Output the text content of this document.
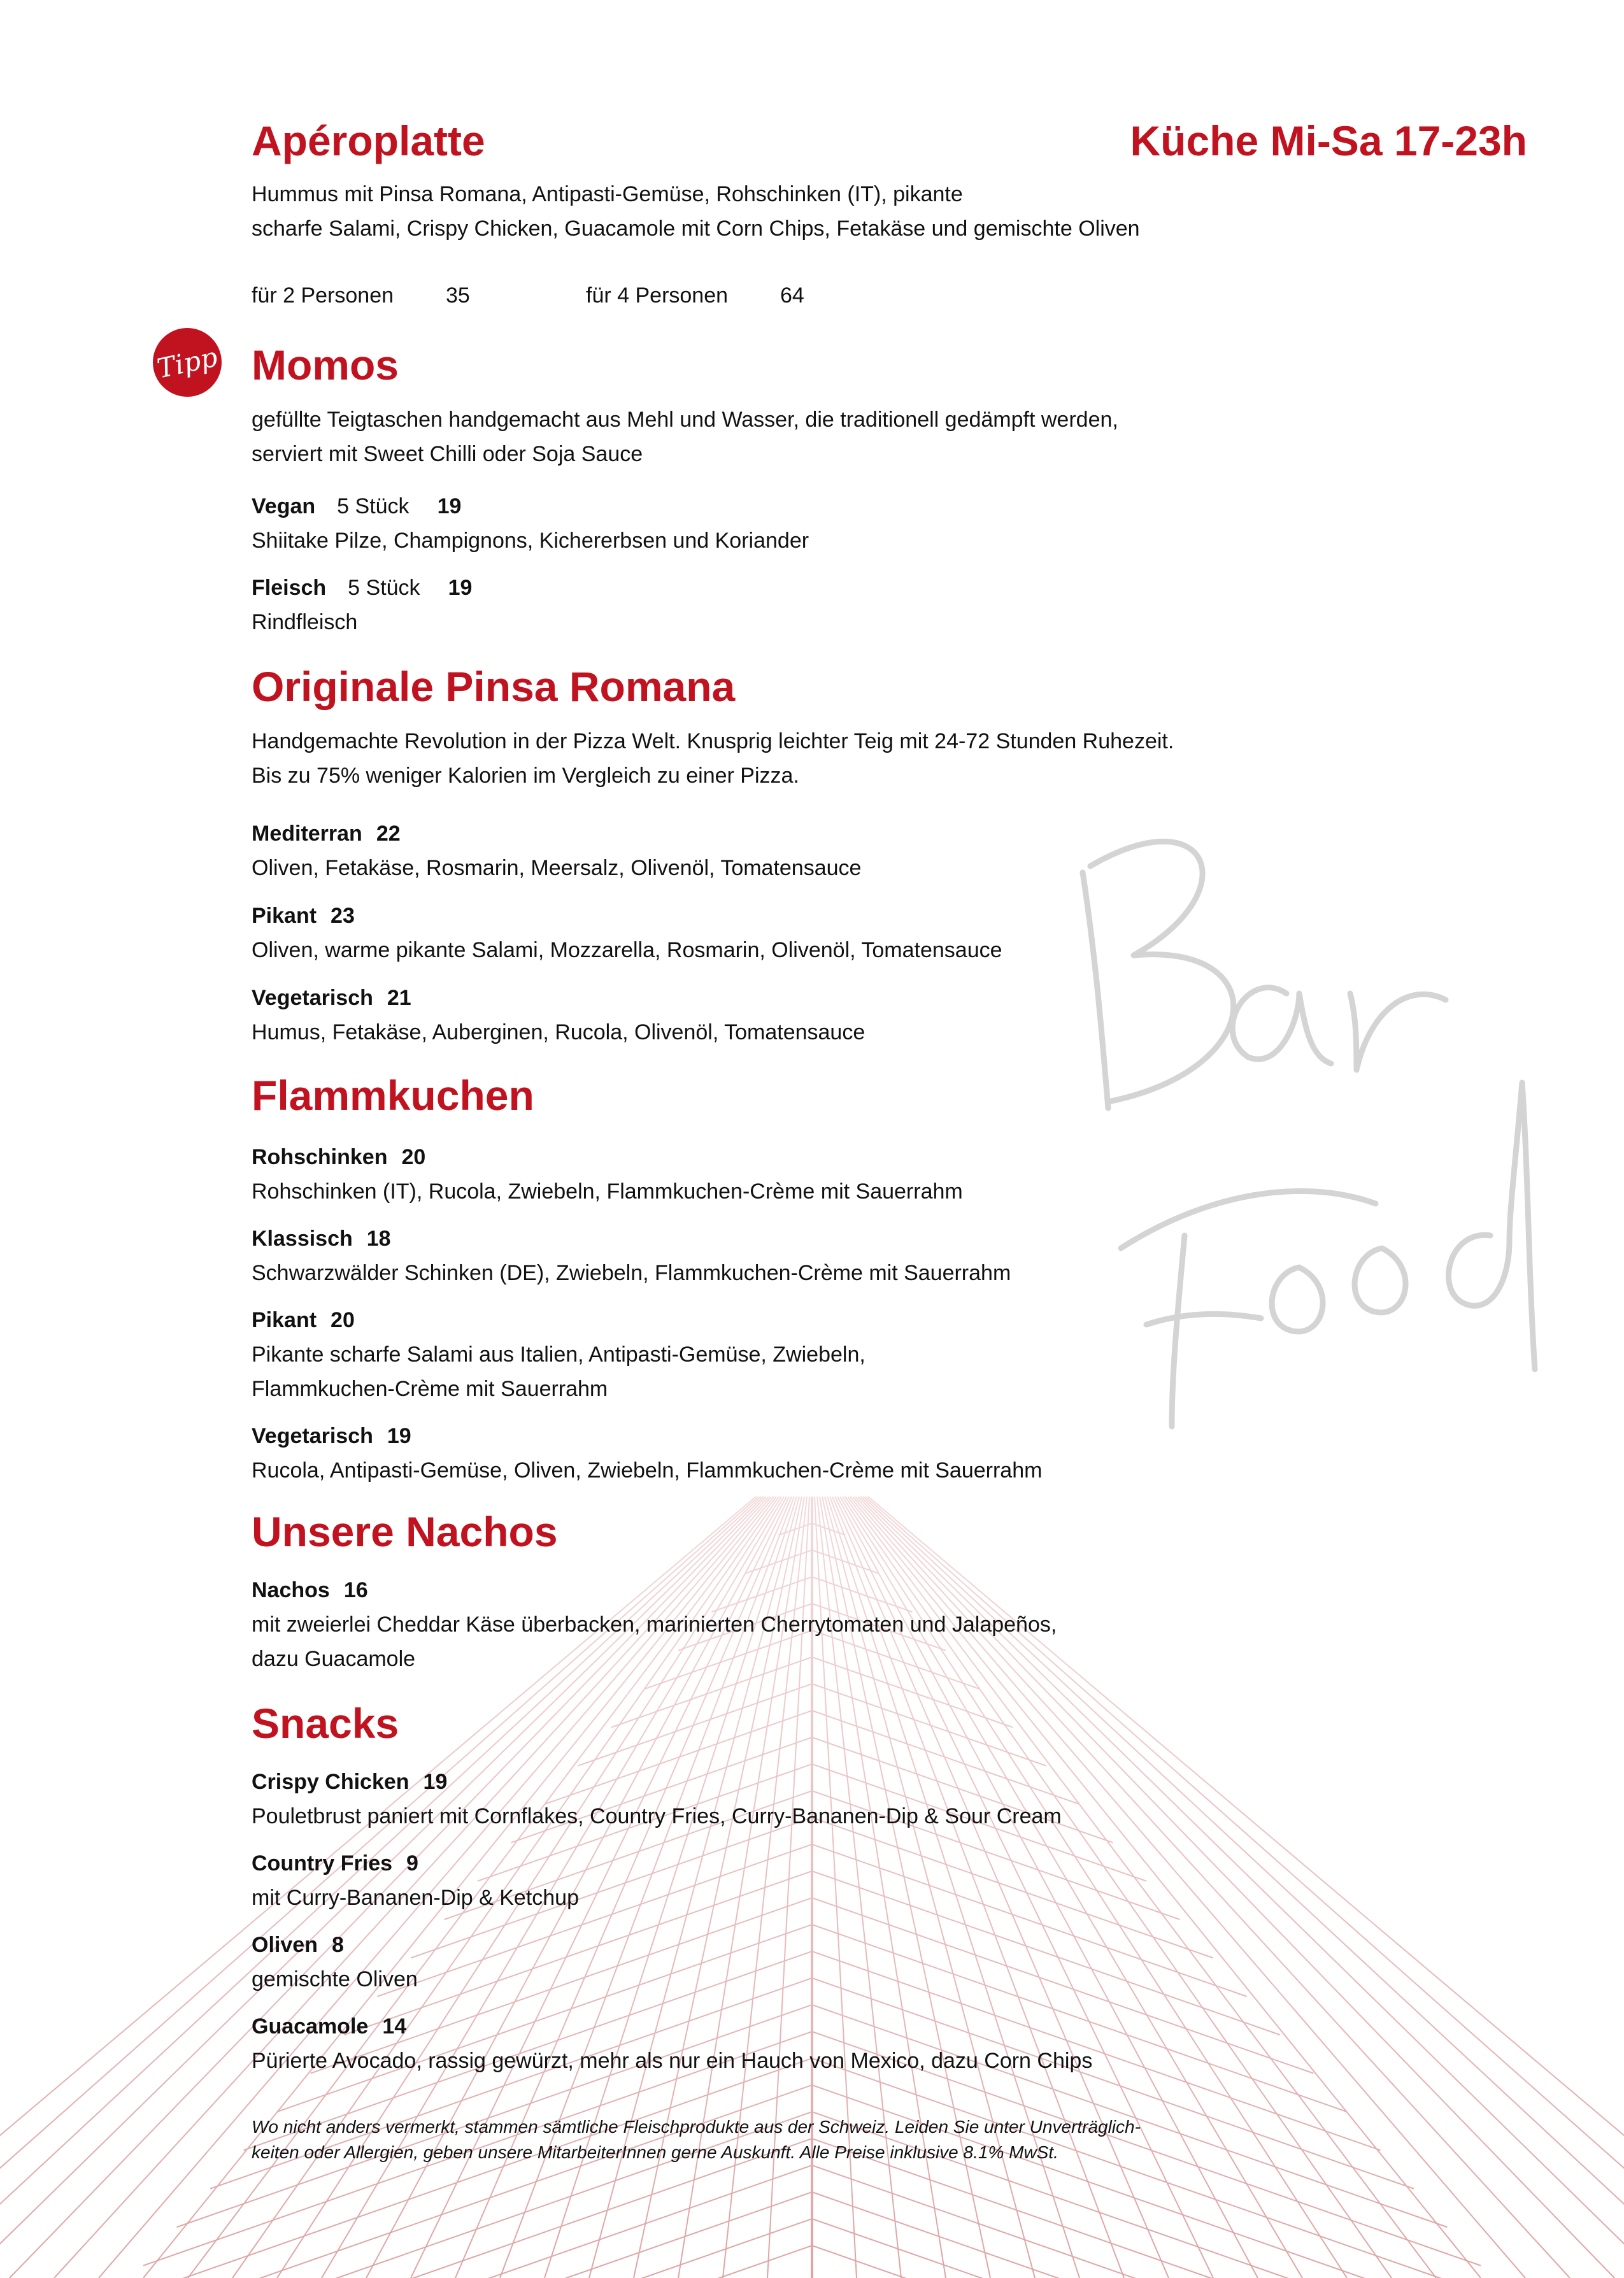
Apéroplatte	Küche Mi-Sa 17-23h
Hummus mit Pinsa Romana, Antipasti-Gemüse, Rohschinken (IT), pikante
scharfe Salami, Crispy Chicken, Guacamole mit Corn Chips, Fetakäse und gemischte Oliven
für 2 Personen 35	für 4 Personen 64
Tipp Momos
gefüllte Teigtaschen handgemacht aus Mehl und Wasser, die traditionell gedämpft werden,
serviert mit Sweet Chilli oder Soja Sauce
Vegan 5 Stück 19
Shiitake Pilze, Champignons, Kichererbsen und Koriander
Fleisch 5 Stück 19
Rindfleisch
Originale Pinsa Romana
Handgemachte Revolution in der Pizza Welt. Knusprig leichter Teig mit 24-72 Stunden Ruhezeit.
Bis zu 75% weniger Kalorien im Vergleich zu einer Pizza.
Mediterran 22
Oliven, Fetakäse, Rosmarin, Meersalz, Olivenöl, Tomatensauce
Pikant 23
Oliven, warme pikante Salami, Mozzarella, Rosmarin, Olivenöl, Tomatensauce
Vegetarisch 21
Humus, Fetakäse, Auberginen, Rucola, Olivenöl, Tomatensauce
Flammkuchen
Rohschinken 20
Rohschinken (IT), Rucola, Zwiebeln, Flammkuchen-Crème mit Sauerrahm
Klassisch 18
Schwarzwälder Schinken (DE), Zwiebeln, Flammkuchen-Crème mit Sauerrahm
Pikant 20
Pikante scharfe Salami aus Italien, Antipasti-Gemüse, Zwiebeln,
Flammkuchen-Crème mit Sauerrahm
Vegetarisch 19
Rucola, Antipasti-Gemüse, Oliven, Zwiebeln, Flammkuchen-Crème mit Sauerrahm
Unsere Nachos
Nachos 16
mit zweierlei Cheddar Käse überbacken, marinierten Cherrytomaten und Jalapeños,
dazu Guacamole
Snacks
Crispy Chicken 19
Pouletbrust paniert mit Cornflakes, Country Fries, Curry-Bananen-Dip & Sour Cream
Country Fries 9
mit Curry-Bananen-Dip & Ketchup
Oliven 8
gemischte Oliven
Guacamole 14
Pürierte Avocado, rassig gewürzt, mehr als nur ein Hauch von Mexico, dazu Corn Chips
Wo nicht anders vermerkt, stammen sämtliche Fleischprodukte aus der Schweiz. Leiden Sie unter Unverträglich-
keiten oder Allergien, geben unsere MitarbeiterInnen gerne Auskunft. Alle Preise inklusive 8.1% MwSt.
